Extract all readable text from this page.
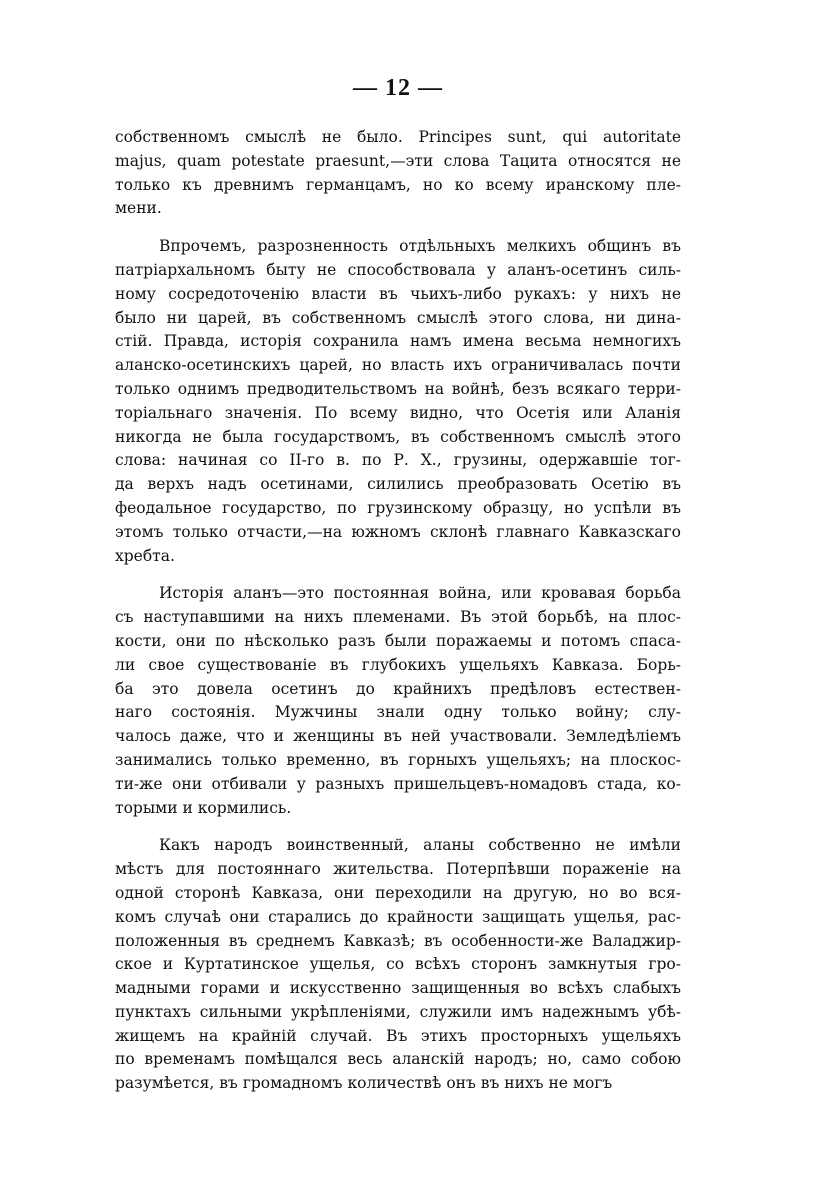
— 12 —
собственномъ смыслѣ не было. Principes sunt, qui autoritate
majus, quam potestate praesunt,—эти слова Тацита относятся не
только къ древнимъ германцамъ, но ко всему иранскому пле-
мени.
Впрочемъ, разрозненность отдѣльныхъ мелкихъ общинъ въ
патріархальномъ быту не способствовала у аланъ-осетинъ силь-
ному сосредоточенію власти въ чьихъ-либо рукахъ: у нихъ не
было ни царей, въ собственномъ смыслѣ этого слова, ни дина-
стій. Правда, исторія сохранила намъ имена весьма немногихъ
аланско-осетинскихъ царей, но власть ихъ ограничивалась почти
только однимъ предводительствомъ на войнѣ, безъ всякаго терри-
торіальнаго значенія. По всему видно, что Осетія или Аланія
никогда не была государствомъ, въ собственномъ смыслѣ этого
слова: начиная со II-го в. по Р. Х., грузины, одержавшіе тог-
да верхъ надъ осетинами, силились преобразовать Осетію въ
феодальное государство, по грузинскому образцу, но успѣли въ
этомъ только отчасти,—на южномъ склонѣ главнаго Кавказскаго
хребта.
Исторія аланъ—это постоянная война, или кровавая борьба
съ наступавшими на нихъ племенами. Въ этой борьбѣ, на плос-
кости, они по нѣсколько разъ были поражаемы и потомъ спаса-
ли свое существованіе въ глубокихъ ущельяхъ Кавказа. Борь-
ба это довела осетинъ до крайнихъ предѣловъ естествен-
наго состоянія. Мужчины знали одну только войну; слу-
чалось даже, что и женщины въ ней участвовали. Земледѣліемъ
занимались только временно, въ горныхъ ущельяхъ; на плоскос-
ти-же они отбивали у разныхъ пришельцевъ-номадовъ стада, ко-
торыми и кормились.
Какъ народъ воинственный, аланы собственно не имѣли
мѣстъ для постояннаго жительства. Потерпѣвши пораженіе на
одной сторонѣ Кавказа, они переходили на другую, но во вся-
комъ случаѣ они старались до крайности защищать ущелья, рас-
положенныя въ среднемъ Кавказѣ; въ особенности-же Валаджир-
ское и Куртатинское ущелья, со всѣхъ сторонъ замкнутыя гро-
мадными горами и искусственно защищенныя во всѣхъ слабыхъ
пунктахъ сильными укрѣпленіями, служили имъ надежнымъ убѣ-
жищемъ на крайній случай. Въ этихъ просторныхъ ущельяхъ
по временамъ помѣщался весь аланскій народъ; но, само собою
разумѣется, въ громадномъ количествѣ онъ въ нихъ не могъ
